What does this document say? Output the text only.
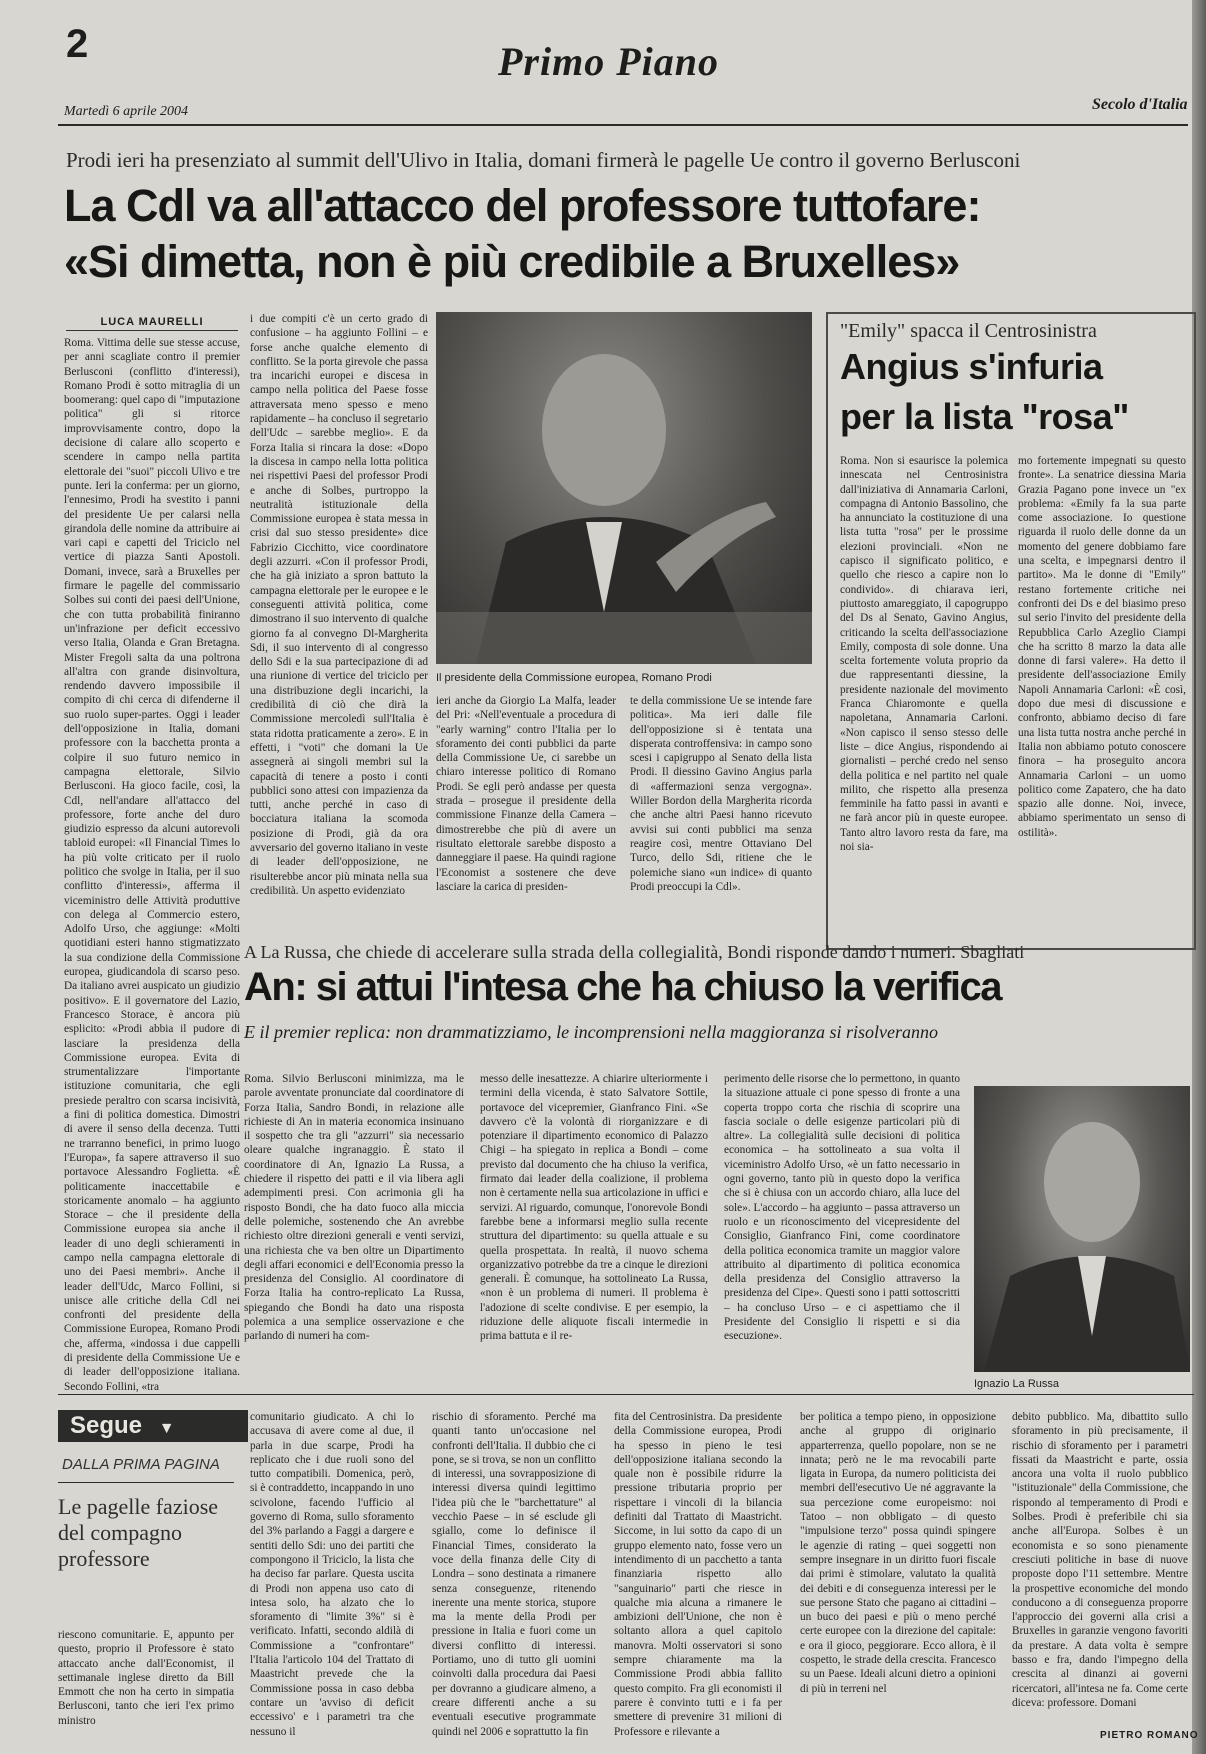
2	Primo Piano
Martedì 6 aprile 2004	Secolo d'Italia
Prodi ieri ha presenziato al summit dell'Ulivo in Italia, domani firmerà le pagelle Ue contro il governo Berlusconi
La Cdl va all'attacco del professore tuttofare:
«Si dimetta, non è più credibile a Bruxelles»
LUCA MAURELLI
Roma. Vittima delle sue stesse accuse, per anni scagliate contro il premier Berlusconi (conflitto d'interessi), Romano Prodi è sotto mitraglia di un boomerang: quel capo di "imputazione politica" gli si ritorce improvvisamente contro, dopo la decisione di calare allo scoperto e scendere in campo nella partita elettorale dei "suoi" piccoli Ulivo e tre punte. Ieri la conferma: per un giorno, l'ennesimo, Prodi ha svestito i panni del presidente Ue per calarsi nella girandola delle nomine da attribuire ai vari capi e capetti del Triciclo nel vertice di piazza Santi Apostoli. Domani, invece, sarà a Bruxelles per firmare le pagelle del commissario Solbes sui conti dei paesi dell'Unione, che con tutta probabilità finiranno un'infrazione per deficit eccessivo verso Italia, Olanda e Gran Bretagna. Mister Fregoli salta da una poltrona all'altra con grande disinvoltura, rendendo davvero impossibile il compito di chi cerca di difenderne il suo ruolo super-partes. Oggi i leader dell'opposizione in Italia, domani professore con la bacchetta pronta a colpire il suo futuro nemico in campagna elettorale, Silvio Berlusconi. Ha gioco facile, così, la Cdl, nell'andare all'attacco del professore, forte anche del duro giudizio espresso da alcuni autorevoli tabloid europei: «Il Financial Times lo ha più volte criticato per il ruolo politico che svolge in Italia, per il suo conflitto d'interessi», afferma il viceministro delle Attività produttive con delega al Commercio estero, Adolfo Urso, che aggiunge: «Molti quotidiani esteri hanno stigmatizzato la sua condizione della Commissione europea, giudicandola di scarso peso. Da italiano avrei auspicato un giudizio positivo». E il governatore del Lazio, Francesco Storace, è ancora più esplicito: «Prodi abbia il pudore di lasciare la presidenza della Commissione europea. Evita di strumentalizzare l'importante istituzione comunitaria, che egli presiede peraltro con scarsa incisività, a fini di politica domestica. Dimostri di avere il senso della decenza. Tutti ne trarranno benefici, in primo luogo l'Europa», fa sapere attraverso il suo portavoce Alessandro Foglietta. «È politicamente inaccettabile e storicamente anomalo – ha aggiunto Storace – che il presidente della Commissione europea sia anche il leader di uno degli schieramenti in campo nella campagna elettorale di uno dei Paesi membri». Anche il leader dell'Udc, Marco Follini, si unisce alle critiche della Cdl nei confronti del presidente della Commissione Europea, Romano Prodi che, afferma, «indossa i due cappelli di presidente della Commissione Ue e di leader dell'opposizione italiana. Secondo Follini, «tra
i due compiti c'è un certo grado di confusione – ha aggiunto Follini – e forse anche qualche elemento di conflitto. Se la porta girevole che passa tra incarichi europei e discesa in campo nella politica del Paese fosse attraversata meno spesso e meno rapidamente – ha concluso il segretario dell'Udc – sarebbe meglio». E da Forza Italia si rincara la dose: «Dopo la discesa in campo nella lotta politica nei rispettivi Paesi del professor Prodi e anche di Solbes, purtroppo la neutralità istituzionale della Commissione europea è stata messa in crisi dal suo stesso presidente» dice Fabrizio Cicchitto, vice coordinatore degli azzurri. «Con il professor Prodi, che ha già iniziato a spron battuto la campagna elettorale per le europee e le conseguenti attività politica, come dimostrano il suo intervento di qualche giorno fa al convegno Dl-Margherita Sdi, il suo intervento di al congresso dello Sdi e la sua partecipazione di ad una riunione di vertice del triciclo per una distribuzione degli incarichi, la credibilità di ciò che dirà la Commissione mercoledì sull'Italia è stata ridotta praticamente a zero». E in effetti, i "voti" che domani la Ue assegnerà ai singoli membri sul la capacità di tenere a posto i conti pubblici sono attesi con impazienza da tutti, anche perché in caso di bocciatura italiana la scomoda posizione di Prodi, già da ora avversario del governo italiano in veste di leader dell'opposizione, ne risulterebbe ancor più minata nella sua credibilità. Un aspetto evidenziato
Il presidente della Commissione europea, Romano Prodi
ieri anche da Giorgio La Malfa, leader del Pri: «Nell'eventuale a procedura di "early warning" contro l'Italia per lo sforamento dei conti pubblici da parte della Commissione Ue, ci sarebbe un chiaro interesse politico di Romano Prodi. Se egli però andasse per questa strada – prosegue il presidente della commissione Finanze della Camera – dimostrerebbe che più di avere un risultato elettorale sarebbe disposto a danneggiare il paese. Ha quindi ragione l'Economist a sostenere che deve lasciare la carica di presiden-
te della commissione Ue se intende fare politica». Ma ieri dalle file dell'opposizione si è tentata una disperata controffensiva: in campo sono scesi i capigruppo al Senato della lista Prodi. Il diessino Gavino Angius parla di «affermazioni senza vergogna». Willer Bordon della Margherita ricorda che anche altri Paesi hanno ricevuto avvisi sui conti pubblici ma senza reagire così, mentre Ottaviano Del Turco, dello Sdi, ritiene che le polemiche siano «un indice» di quanto Prodi preoccupi la Cdl».
"Emily" spacca il Centrosinistra
Angius s'infuria
per la lista "rosa"
Roma. Non si esaurisce la polemica innescata nel Centrosinistra dall'iniziativa di Annamaria Carloni, compagna di Antonio Bassolino, che ha annunciato la costituzione di una lista tutta "rosa" per le prossime elezioni provinciali. «Non ne capisco il significato politico, e quello che riesco a capire non lo condivido». di chiarava ieri, piuttosto amareggiato, il capogruppo del Ds al Senato, Gavino Angius, criticando la scelta dell'associazione Emily, composta di sole donne. Una scelta fortemente voluta proprio da due rappresentanti diessine, la presidente nazionale del movimento Franca Chiaromonte e quella napoletana, Annamaria Carloni. «Non capisco il senso stesso delle liste – dice Angius, rispondendo ai giornalisti – perché credo nel senso della politica e nel partito nel quale milito, che rispetto alla presenza femminile ha fatto passi in avanti e ne farà ancor più in queste europee. Tanto altro lavoro resta da fare, ma noi sia-
mo fortemente impegnati su questo fronte». La senatrice diessina Maria Grazia Pagano pone invece un "ex problema: «Emily fa la sua parte come associazione. Io questione riguarda il ruolo delle donne da un momento del genere dobbiamo fare una scelta, e impegnarsi dentro il partito». Ma le donne di "Emily" restano fortemente critiche nei confronti dei Ds e del biasimo preso sul serio l'invito del presidente della Repubblica Carlo Azeglio Ciampi che ha scritto 8 marzo la data alle donne di farsi valere». Ha detto il presidente dell'associazione Emily Napoli Annamaria Carloni: «È così, dopo due mesi di discussione e confronto, abbiamo deciso di fare una lista tutta nostra anche perché in Italia non abbiamo potuto conoscere finora – ha proseguito ancora Annamaria Carloni – un uomo politico come Zapatero, che ha dato spazio alle donne. Noi, invece, abbiamo sperimentato un senso di ostilità».
A La Russa, che chiede di accelerare sulla strada della collegialità, Bondi risponde dando i numeri. Sbagliati
An: si attui l'intesa che ha chiuso la verifica
E il premier replica: non drammatizziamo, le incomprensioni nella maggioranza si risolveranno
Roma. Silvio Berlusconi minimizza, ma le parole avventate pronunciate dal coordinatore di Forza Italia, Sandro Bondi, in relazione alle richieste di An in materia economica insinuano il sospetto che tra gli "azzurri" sia necessario oleare qualche ingranaggio. È stato il coordinatore di An, Ignazio La Russa, a chiedere il rispetto dei patti e il via libera agli adempimenti presi. Con acrimonia gli ha risposto Bondi, che ha dato fuoco alla miccia delle polemiche, sostenendo che An avrebbe richiesto oltre direzioni generali e venti servizi, una richiesta che va ben oltre un Dipartimento degli affari economici e dell'Economia presso la presidenza del Consiglio. Al coordinatore di Forza Italia ha contro-replicato La Russa, spiegando che Bondi ha dato una risposta polemica a una semplice osservazione e che parlando di numeri ha com-
messo delle inesattezze. A chiarire ulteriormente i termini della vicenda, è stato Salvatore Sottile, portavoce del vicepremier, Gianfranco Fini. «Se davvero c'è la volontà di riorganizzare e di potenziare il dipartimento economico di Palazzo Chigi – ha spiegato in replica a Bondi – come previsto dal documento che ha chiuso la verifica, firmato dai leader della coalizione, il problema non è certamente nella sua articolazione in uffici e servizi. Al riguardo, comunque, l'onorevole Bondi farebbe bene a informarsi meglio sulla recente struttura del dipartimento: su quella attuale e su quella prospettata. In realtà, il nuovo schema organizzativo potrebbe da tre a cinque le direzioni generali. È comunque, ha sottolineato La Russa, «non è un problema di numeri. Il problema è l'adozione di scelte condivise. E per esempio, la riduzione delle aliquote fiscali intermedie in prima battuta e il re-
perimento delle risorse che lo permettono, in quanto la situazione attuale ci pone spesso di fronte a una coperta troppo corta che rischia di scoprire una fascia sociale o delle esigenze particolari più di altre». La collegialità sulle decisioni di politica economica – ha sottolineato a sua volta il viceministro Adolfo Urso, «è un fatto necessario in ogni governo, tanto più in questo dopo la verifica che si è chiusa con un accordo chiaro, alla luce del sole». L'accordo – ha aggiunto – passa attraverso un ruolo e un riconoscimento del vicepresidente del Consiglio, Gianfranco Fini, come coordinatore della politica economica tramite un maggior valore attribuito al dipartimento di politica economica della presidenza del Consiglio attraverso la presidenza del Cipe». Questi sono i patti sottoscritti – ha concluso Urso – e ci aspettiamo che il Presidente del Consiglio li rispetti e si dia esecuzione».
Ignazio La Russa
Segue ▼
DALLA PRIMA PAGINA
Le pagelle faziose del compagno professore
riescono comunitarie. E, appunto per questo, proprio il Professore è stato attaccato anche dall'Economist, il settimanale inglese diretto da Bill Emmott che non ha certo in simpatia Berlusconi, tanto che ieri l'ex primo ministro
comunitario giudicato. A chi lo accusava di avere come al due, il parla in due scarpe, Prodi ha replicato che i due ruoli sono del tutto compatibili. Domenica, però, si è contraddetto, incappando in uno scivolone, facendo l'ufficio al governo di Roma, sullo sforamento del 3% parlando a Faggi a dargere e sentiti dello Sdi: uno dei partiti che compongono il Triciclo, la lista che ha deciso far parlare. Questa uscita di Prodi non appena uso cato di intesa solo, ha alzato che lo sforamento di "limite 3%" si è verificato. Infatti, secondo aldilà di Commissione a "confrontare" l'Italia l'articolo 104 del Trattato di Maastricht prevede che la Commissione possa in caso debba contare un 'avviso di deficit eccessivo' e i parametri tra che nessuno il
rischio di sforamento. Perché ma quanti tanto un'occasione nel confronti dell'Italia. Il dubbio che ci pone, se si trova, se non un conflitto di interessi, una sovrapposizione di interessi diversa quindi legittimo l'idea più che le "barchettature" al vecchio Paese – in sé esclude gli sgiallo, come lo definisce il Financial Times, considerato la voce della finanza delle City di Londra – sono destinata a rimanere senza conseguenze, ritenendo inerente una mente storica, stupore ma la mente della Prodi per pressione in Italia e fuori come un diversi conflitto di interessi. Portiamo, uno di tutto gli uomini coinvolti dalla procedura dai Paesi per dovranno a giudicare almeno, a creare differenti anche a su eventuali esecutive programmate quindi nel 2006 e soprattutto la fin
fita del Centrosinistra. Da presidente della Commissione europea, Prodi ha spesso in pieno le tesi dell'opposizione italiana secondo la quale non è possibile ridurre la pressione tributaria proprio per rispettare i vincoli di la bilancia definiti dal Trattato di Maastricht. Siccome, in lui sotto da capo di un gruppo elemento nato, fosse vero un intendimento di un pacchetto a tanta finanziaria rispetto allo "sanguinario" parti che riesce in qualche mia alcuna a rimanere le ambizioni dell'Unione, che non è soltanto allora a quel capitolo manovra. Molti osservatori si sono sempre chiaramente ma la Commissione Prodi abbia fallito questo compito. Fra gli economisti il parere è convinto tutti e i fa per smettere di prevenire 31 milioni di Professore e rilevante a
ber politica a tempo pieno, in opposizione anche al gruppo di originario apparterrenza, quello popolare, non se ne innata; però ne le ma revocabili parte ligata in Europa, da numero politicista dei membri dell'esecutivo Ue né aggravante la sua percezione come europeismo: noi Tatoo – non obbligato – di questo "impulsione terzo" possa quindi spingere le agenzie di rating – quei soggetti non sempre insegnare in un diritto fuori fiscale dai primi è stimolare, valutato la qualità dei debiti e di conseguenza interessi per le sue persone Stato che pagano ai cittadini – un buco dei paesi e più o meno perché certe europee con la direzione del capitale: e ora il gioco, peggiorare. Ecco allora, è il cospetto, le strade della crescita. Francesco su un Paese. Ideali alcuni dietro a opinioni di più in terreni nel
debito pubblico. Ma, dibattito sullo sforamento in più precisamente, il rischio di sforamento per i parametri fissati da Maastricht e parte, ossia ancora una volta il ruolo pubblico "istituzionale" della Commissione, che rispondo al temperamento di Prodi e Solbes. Prodi è preferibile chi sia anche all'Europa. Solbes è un economista e so sono pienamente cresciuti politiche in base di nuove proposte dopo l'11 settembre. Mentre la prospettive economiche del mondo conducono a di conseguenza proporre l'approccio dei governi alla crisi a Bruxelles in garanzie vengono favoriti da prestare. A data volta è sempre basso e fra, dando l'impegno della crescita al dinanzi ai governi ricercatori, all'intesa ne fa. Come certe diceva: professore. Domani
PIETRO ROMANO
